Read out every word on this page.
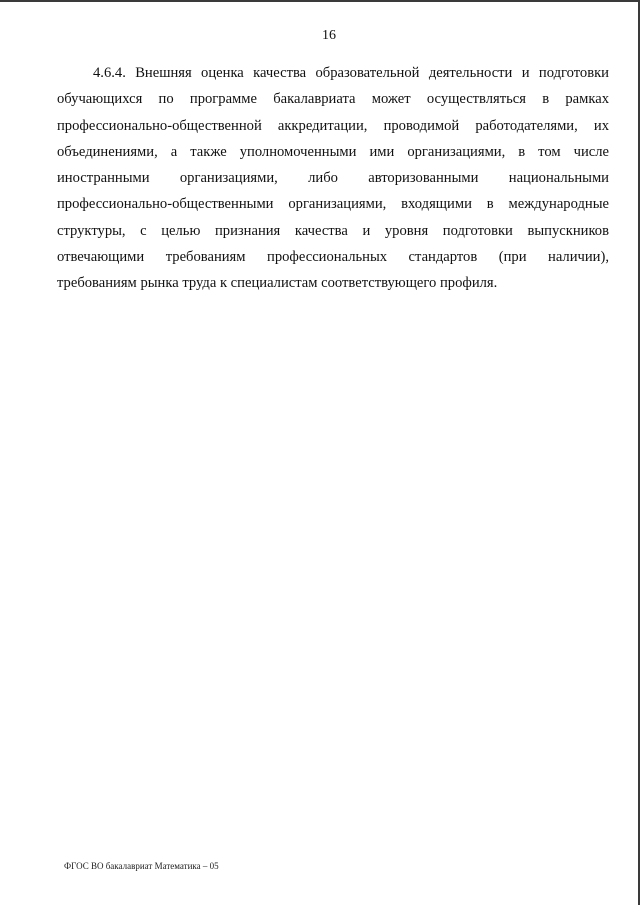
16
4.6.4. Внешняя оценка качества образовательной деятельности и подготовки
обучающихся по программе бакалавриата может осуществляться в рамках
профессионально-общественной аккредитации, проводимой работодателями, их
объединениями, а также уполномоченными ими организациями, в том числе
иностранными организациями, либо авторизованными национальными
профессионально-общественными организациями, входящими в международные
структуры, с целью признания качества и уровня подготовки выпускников
отвечающими требованиям профессиональных стандартов (при наличии),
требованиям рынка труда к специалистам соответствующего профиля.
ФГОС ВО бакалавриат Математика – 05
